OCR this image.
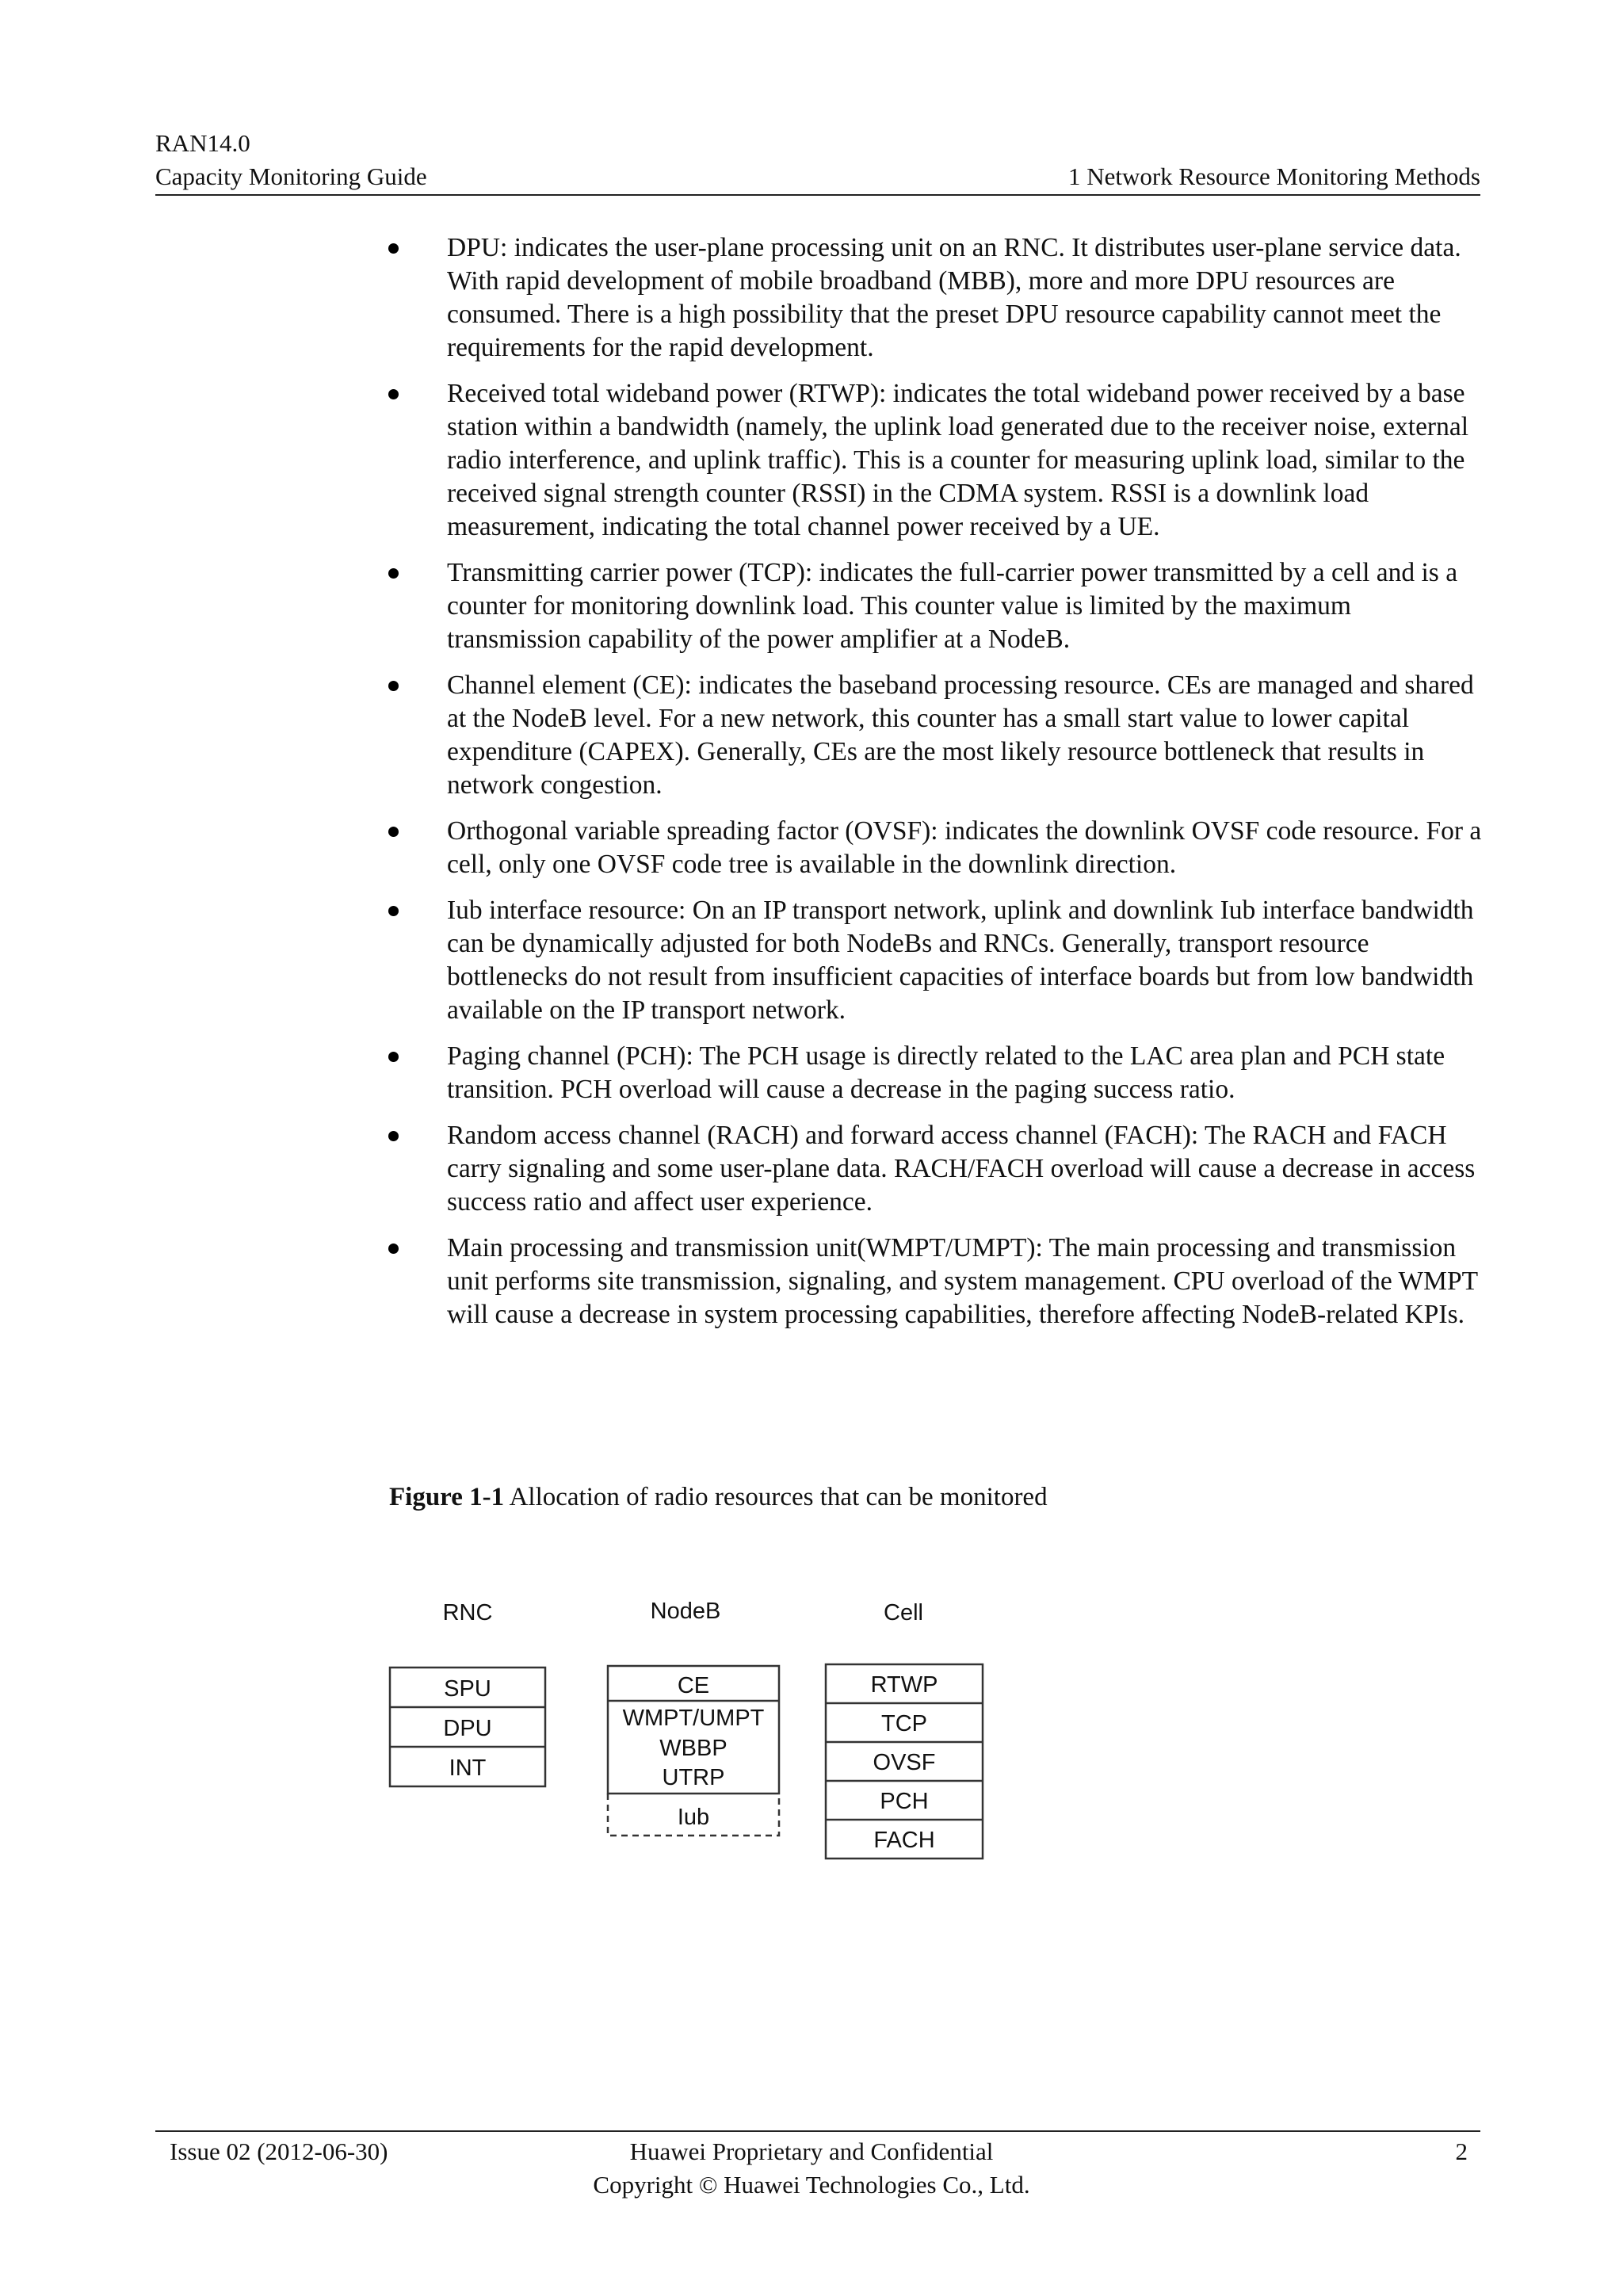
RAN14.0
Capacity Monitoring Guide	1 Network Resource Monitoring Methods
DPU: indicates the user-plane processing unit on an RNC. It distributes user-plane service data. With rapid development of mobile broadband (MBB), more and more DPU resources are consumed. There is a high possibility that the preset DPU resource capability cannot meet the requirements for the rapid development.
Received total wideband power (RTWP): indicates the total wideband power received by a base station within a bandwidth (namely, the uplink load generated due to the receiver noise, external radio interference, and uplink traffic). This is a counter for measuring uplink load, similar to the received signal strength counter (RSSI) in the CDMA system. RSSI is a downlink load measurement, indicating the total channel power received by a UE.
Transmitting carrier power (TCP): indicates the full-carrier power transmitted by a cell and is a counter for monitoring downlink load. This counter value is limited by the maximum transmission capability of the power amplifier at a NodeB.
Channel element (CE): indicates the baseband processing resource. CEs are managed and shared at the NodeB level. For a new network, this counter has a small start value to lower capital expenditure (CAPEX). Generally, CEs are the most likely resource bottleneck that results in network congestion.
Orthogonal variable spreading factor (OVSF): indicates the downlink OVSF code resource. For a cell, only one OVSF code tree is available in the downlink direction.
Iub interface resource: On an IP transport network, uplink and downlink Iub interface bandwidth can be dynamically adjusted for both NodeBs and RNCs. Generally, transport resource bottlenecks do not result from insufficient capacities of interface boards but from low bandwidth available on the IP transport network.
Paging channel (PCH): The PCH usage is directly related to the LAC area plan and PCH state transition. PCH overload will cause a decrease in the paging success ratio.
Random access channel (RACH) and forward access channel (FACH): The RACH and FACH carry signaling and some user-plane data. RACH/FACH overload will cause a decrease in access success ratio and affect user experience.
Main processing and transmission unit(WMPT/UMPT): The main processing and transmission unit performs site transmission, signaling, and system management. CPU overload of the WMPT will cause a decrease in system processing capabilities, therefore affecting NodeB-related KPIs.
Figure 1-1 Allocation of radio resources that can be monitored
RNC	NodeB	Cell
SPU
DPU
INT
CE
WMPT/UMPT
WBBP
UTRP
Iub
RTWP
TCP
OVSF
PCH
FACH
Issue 02 (2012-06-30)	Huawei Proprietary and Confidential
Copyright © Huawei Technologies Co., Ltd.
2
